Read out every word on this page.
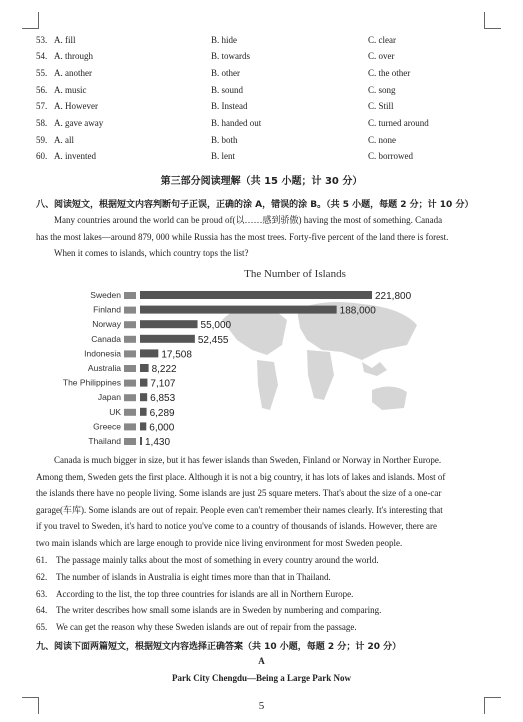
53. A. fill	B. hide	C. clear
54. A. through	B. towards	C. over
55. A. another	B. other	C. the other
56. A. music	B. sound	C. song
57. A. However	B. Instead	C. Still
58. A. gave away	B. handed out	C. turned around
59. A. all	B. both	C. none
60. A. invented	B. lent	C. borrowed
第三部分阅读理解（共 15 小题；计 30 分）
八、阅读短文，根据短文内容判断句子正误，正确的涂 A，错误的涂 B。（共 5 小题，每题 2 分；计 10 分）
Many countries around the world can be proud of(以……感到骄傲) having the most of something. Canada
has the most lakes—around 879, 000 while Russia has the most trees. Forty-five percent of the land there is forest.
When it comes to islands, which country tops the list?
The Number of Islands
Sweden	221,800
Finland	188,000
Norway	55,000
Canada	52,455
Indonesia	17,508
Australia	8,222
The Philippines	7,107
Japan	6,853
UK	6,289
Greece	6,000
Thailand 1,430
Canada is much bigger in size, but it has fewer islands than Sweden, Finland or Norway in Norther Europe.
Among them, Sweden gets the first place. Although it is not a big country, it has lots of lakes and islands. Most of
the islands there have no people living. Some islands are just 25 square meters. That's about the size of a one-car
garage(车库). Some islands are out of repair. People even can't remember their names clearly. It's interesting that
if you travel to Sweden, it's hard to notice you've come to a country of thousands of islands. However, there are
two main islands which are large enough to provide nice living environment for most Sweden people.
61. The passage mainly talks about the most of something in every country around the world.
62. The number of islands in Australia is eight times more than that in Thailand.
63. According to the list, the top three countries for islands are all in Northern Europe.
64. The writer describes how small some islands are in Sweden by numbering and comparing.
65. We can get the reason why these Sweden islands are out of repair from the passage.
九、阅读下面两篇短文，根据短文内容选择正确答案（共 10 小题，每题 2 分；计 20 分）
A
Park City Chengdu—Being a Large Park Now
5
